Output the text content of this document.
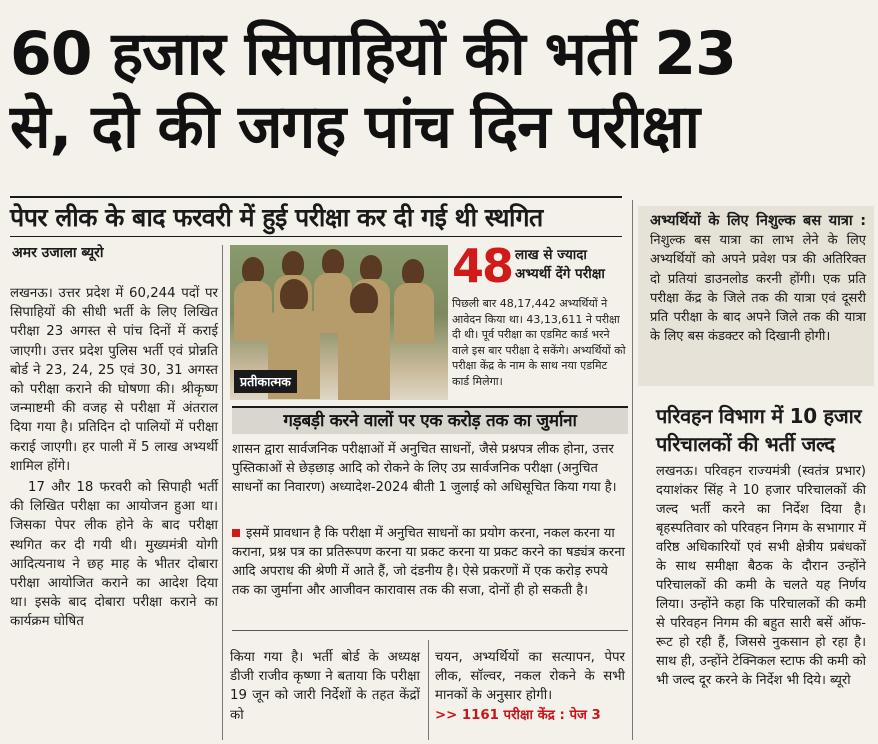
60 हजार सिपाहियों की भर्ती 23
से, दो की जगह पांच दिन परीक्षा
पेपर लीक के बाद फरवरी में हुई परीक्षा कर दी गई थी स्थगित
अमर उजाला ब्यूरो

लखनऊ। उत्तर प्रदेश में 60,244 पदों पर सिपाहियों की सीधी भर्ती के लिए लिखित परीक्षा 23 अगस्त से पांच दिनों में कराई जाएगी। उत्तर प्रदेश पुलिस भर्ती एवं प्रोन्नति बोर्ड ने 23, 24, 25 एवं 30, 31 अगस्त को परीक्षा कराने की घोषणा की। श्रीकृष्ण जन्माष्टमी की वजह से परीक्षा में अंतराल दिया गया है। प्रतिदिन दो पालियों में परीक्षा कराई जाएगी। हर पाली में 5 लाख अभ्यर्थी शामिल होंगे।

17 और 18 फरवरी को सिपाही भर्ती की लिखित परीक्षा का आयोजन हुआ था। जिसका पेपर लीक होने के बाद परीक्षा स्थगित कर दी गयी थी। मुख्यमंत्री योगी आदित्यनाथ ने छह माह के भीतर दोबारा परीक्षा आयोजित कराने का आदेश दिया था। इसके बाद दोबारा परीक्षा कराने का कार्यक्रम घोषित

प्रतीकात्मक
48 लाख से ज्यादा अभ्यर्थी देंगे परीक्षा
पिछली बार 48,17,442 अभ्यर्थियों ने आवेदन किया था। 43,13,611 ने परीक्षा दी थी। पूर्व परीक्षा का एडमिट कार्ड भरने वाले इस बार परीक्षा दे सकेंगे। अभ्यर्थियों को परीक्षा केंद्र के नाम के साथ नया एडमिट कार्ड मिलेगा।
गड़बड़ी करने वालों पर एक करोड़ तक का जुर्माना
शासन द्वारा सार्वजनिक परीक्षाओं में अनुचित साधनों, जैसे प्रश्नपत्र लीक होना, उत्तर पुस्तिकाओं से छेड़छाड़ आदि को रोकने के लिए उप्र सार्वजनिक परीक्षा (अनुचित साधनों का निवारण) अध्यादेश-2024 बीती 1 जुलाई को अधिसूचित किया गया है।
इसमें प्रावधान है कि परीक्षा में अनुचित साधनों का प्रयोग करना, नकल करना या कराना, प्रश्न पत्र का प्रतिरूपण करना या प्रकट करना या प्रकट करने का षड्यंत्र करना आदि अपराध की श्रेणी में आते हैं, जो दंडनीय है। ऐसे प्रकरणों में एक करोड़ रुपये तक का जुर्माना और आजीवन कारावास तक की सजा, दोनों ही हो सकती है।
किया गया है। भर्ती बोर्ड के अध्यक्ष डीजी राजीव कृष्णा ने बताया कि परीक्षा 19 जून को जारी निर्देशों के तहत केंद्रों को
चयन, अभ्यर्थियों का सत्यापन, पेपर लीक, सॉल्वर, नकल रोकने के सभी मानकों के अनुसार होगी।
>> 1161 परीक्षा केंद्र : पेज 3
अभ्यर्थियों के लिए निशुल्क बस यात्रा : निशुल्क बस यात्रा का लाभ लेने के लिए अभ्यर्थियों को अपने प्रवेश पत्र की अतिरिक्त दो प्रतियां डाउनलोड करनी होंगी। एक प्रति परीक्षा केंद्र के जिले तक की यात्रा एवं दूसरी प्रति परीक्षा के बाद अपने जिले तक की यात्रा के लिए बस कंडक्टर को दिखानी होगी।
परिवहन विभाग में 10 हजार परिचालकों की भर्ती जल्द
लखनऊ। परिवहन राज्यमंत्री (स्वतंत्र प्रभार) दयाशंकर सिंह ने 10 हजार परिचालकों की जल्द भर्ती करने का निर्देश दिया है। बृहस्पतिवार को परिवहन निगम के सभागार में वरिष्ठ अधिकारियों एवं सभी क्षेत्रीय प्रबंधकों के साथ समीक्षा बैठक के दौरान उन्होंने परिचालकों की कमी के चलते यह निर्णय लिया। उन्होंने कहा कि परिचालकों की कमी से परिवहन निगम की बहुत सारी बसें ऑफ-रूट हो रही हैं, जिससे नुकसान हो रहा है। साथ ही, उन्होंने टेक्निकल स्टाफ की कमी को भी जल्द दूर करने के निर्देश भी दिये। ब्यूरो
